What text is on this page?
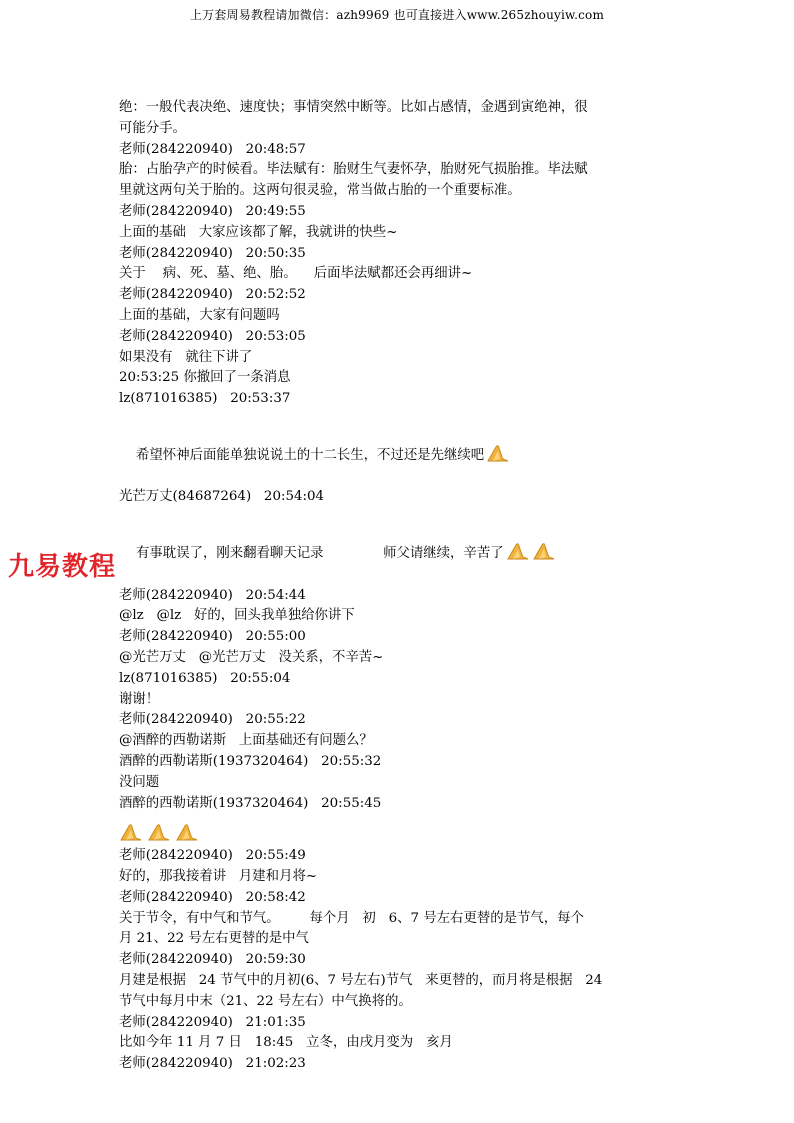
上万套周易教程请加微信：azh9969 也可直接进入www.265zhouyiw.com
九易教程
绝：一般代表决绝、速度快；事情突然中断等。比如占感情，金遇到寅绝神，很
可能分手。
老师(284220940)   20:48:57
胎：占胎孕产的时候看。毕法赋有：胎财生气妻怀孕，胎财死气损胎推。毕法赋
里就这两句关于胎的。这两句很灵验，常当做占胎的一个重要标准。
老师(284220940)   20:49:55
上面的基础   大家应该都了解，我就讲的快些~
老师(284220940)   20:50:35
关于    病、死、墓、绝、胎。    后面毕法赋都还会再细讲~
老师(284220940)   20:52:52
上面的基础，大家有问题吗
老师(284220940)   20:53:05
如果没有   就往下讲了
20:53:25 你撤回了一条消息
lz(871016385)   20:53:37

希望怀神后面能单独说说土的十二长生，不过还是先继续吧

光芒万丈(84687264)   20:54:04

有事耽误了，刚来翻看聊天记录              师父请继续，辛苦了

老师(284220940)   20:54:44
@lz   @lz   好的，回头我单独给你讲下
老师(284220940)   20:55:00
@光芒万丈   @光芒万丈   没关系，不辛苦~
lz(871016385)   20:55:04
谢谢！
老师(284220940)   20:55:22
@酒醉的西勒诺斯   上面基础还有问题么？
酒醉的西勒诺斯(1937320464)   20:55:32
没问题
酒醉的西勒诺斯(1937320464)   20:55:45
老师(284220940)   20:55:49
好的，那我接着讲   月建和月将~
老师(284220940)   20:58:42
关于节令，有中气和节气。       每个月   初   6、7 号左右更替的是节气，每个
月 21、22 号左右更替的是中气
老师(284220940)   20:59:30
月建是根据   24 节气中的月初(6、7 号左右)节气   来更替的，而月将是根据   24
节气中每月中末（21、22 号左右）中气换将的。
老师(284220940)   21:01:35
比如今年 11 月 7 日   18:45   立冬，由戌月变为   亥月
老师(284220940)   21:02:23
